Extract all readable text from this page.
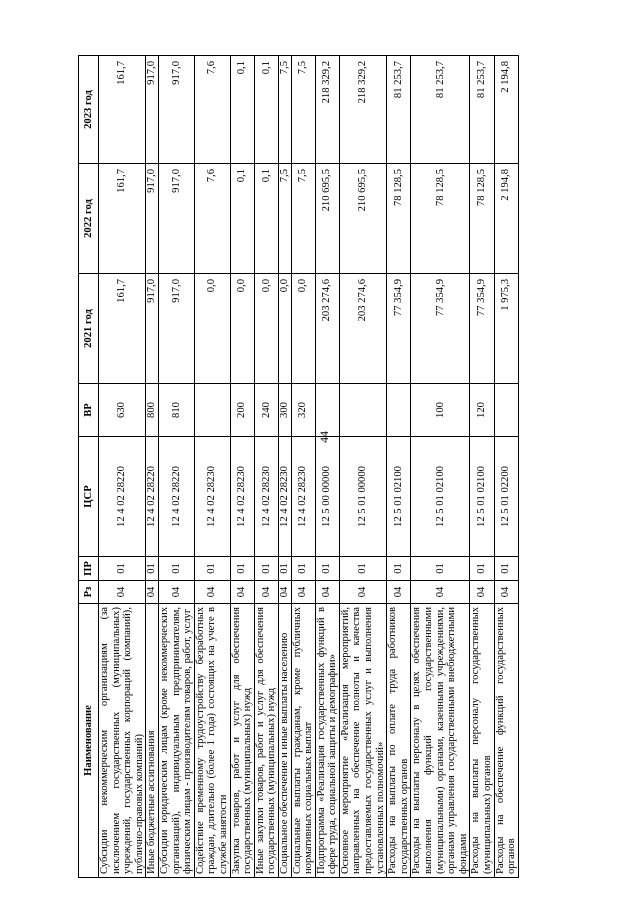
44
Наименование	Рз	ПР	ЦСР	ВР	2021 год	2022 год	2023 год
Субсидии некоммерческим организациям (за исключением государственных (муниципальных) учреждений, государственных корпораций (компаний), публично-правовых компаний)	04	01	12 4 02 28220	630	161,7	161,7	161,7
Иные бюджетные ассигнования	04	01	12 4 02 28220	800	917,0	917,0	917,0
Субсидии юридическим лицам (кроме некоммерческих организаций), индивидуальным предпринимателям, физическим лицам - производителям товаров, работ, услуг	04	01	12 4 02 28220	810	917,0	917,0	917,0
Содействие временному трудоустройству безработных граждан, длительно (более 1 года) состоящих на учете в службе занятости	04	01	12 4 02 28230		0,0	7,6	7,6
Закупка товаров, работ и услуг для обеспечения государственных (муниципальных) нужд	04	01	12 4 02 28230	200	0,0	0,1	0,1
Иные закупки товаров, работ и услуг для обеспечения государственных (муниципальных) нужд	04	01	12 4 02 28230	240	0,0	0,1	0,1
Социальное обеспечение и иные выплаты населению	04	01	12 4 02 28230	300	0,0	7,5	7,5
Социальные выплаты гражданам, кроме публичных нормативных социальных выплат	04	01	12 4 02 28230	320	0,0	7,5	7,5
Подпрограмма «Реализация государственных функций в сфере труда, социальной защиты и демографии»	04	01	12 5 00 00000		203 274,6	210 695,5	218 329,2
Основное мероприятие «Реализация мероприятий, направленных на обеспечение полноты и качества предоставляемых государственных услуг и выполнения установленных полномочий»	04	01	12 5 01 00000		203 274,6	210 695,5	218 329,2
Расходы на выплаты по оплате труда работников государственных органов	04	01	12 5 01 02100		77 354,9	78 128,5	81 253,7
Расходы на выплаты персоналу в целях обеспечения выполнения функций государственными (муниципальными) органами, казенными учреждениями, органами управления государственными внебюджетными фондами	04	01	12 5 01 02100	100	77 354,9	78 128,5	81 253,7
Расходы на выплаты персоналу государственных (муниципальных) органов	04	01	12 5 01 02100	120	77 354,9	78 128,5	81 253,7
Расходы на обеспечение функций государственных органов	04	01	12 5 01 02200		1 975,3	2 194,8	2 194,8
